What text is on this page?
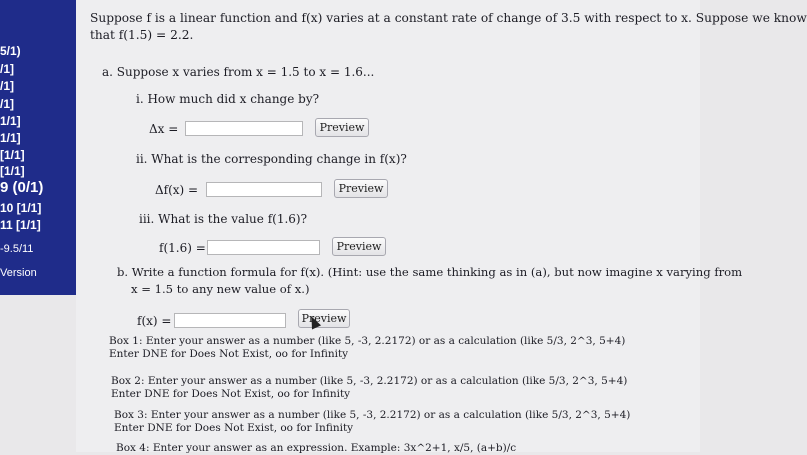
5/1)
/1]
/1]
/1]
1/1]
1/1]
[1/1]
[1/1]
9 (0/1)
10 [1/1]
11 [1/1]
-9.5/11
Version
Suppose f is a linear function and f(x) varies at a constant rate of change of 3.5 with respect to x. Suppose we know
that f(1.5) = 2.2.
a. Suppose x varies from x = 1.5 to x = 1.6...
i. How much did x change by?
Δx =	Preview
ii. What is the corresponding change in f(x)?
Δf(x) =	Preview
iii. What is the value f(1.6)?
f(1.6) =	Preview
b. Write a function formula for f(x). (Hint: use the same thinking as in (a), but now imagine x varying from
x = 1.5 to any new value of x.)
f(x) =	Preview
Box 1: Enter your answer as a number (like 5, -3, 2.2172) or as a calculation (like 5/3, 2^3, 5+4)
Enter DNE for Does Not Exist, oo for Infinity
Box 2: Enter your answer as a number (like 5, -3, 2.2172) or as a calculation (like 5/3, 2^3, 5+4)
Enter DNE for Does Not Exist, oo for Infinity
Box 3: Enter your answer as a number (like 5, -3, 2.2172) or as a calculation (like 5/3, 2^3, 5+4)
Enter DNE for Does Not Exist, oo for Infinity
Box 4: Enter your answer as an expression. Example: 3x^2+1, x/5, (a+b)/c
